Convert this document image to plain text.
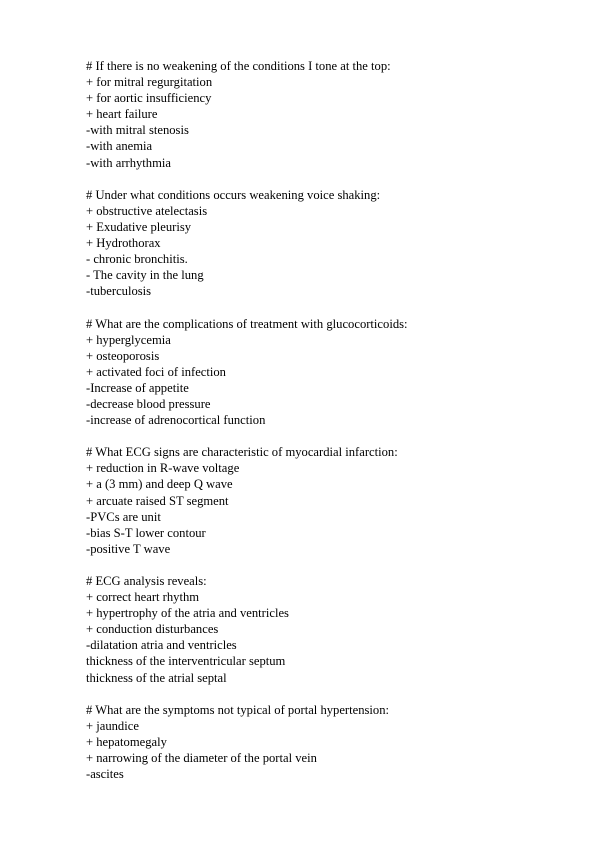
# If there is no weakening of the conditions I tone at the top:
+ for mitral regurgitation
+ for aortic insufficiency
+ heart failure
-with mitral stenosis
-with anemia
-with arrhythmia
# Under what conditions occurs weakening voice shaking:
+ obstructive atelectasis
+ Exudative pleurisy
+ Hydrothorax
- chronic bronchitis.
- The cavity in the lung
-tuberculosis
# What are the complications of treatment with glucocorticoids:
+ hyperglycemia
+ osteoporosis
+ activated foci of infection
-Increase of appetite
-decrease blood pressure
-increase of adrenocortical function
# What ECG signs are characteristic of myocardial infarction:
+ reduction in R-wave voltage
+ a (3 mm) and deep Q wave
+ arcuate raised ST segment
-PVCs are unit
-bias S-T lower contour
-positive T wave
# ECG analysis reveals:
+ correct heart rhythm
+ hypertrophy of the atria and ventricles
+ conduction disturbances
-dilatation atria and ventricles
thickness of the interventricular septum
thickness of the atrial septal
# What are the symptoms not typical of portal hypertension:
+ jaundice
+ hepatomegaly
+ narrowing of the diameter of the portal vein
-ascites
